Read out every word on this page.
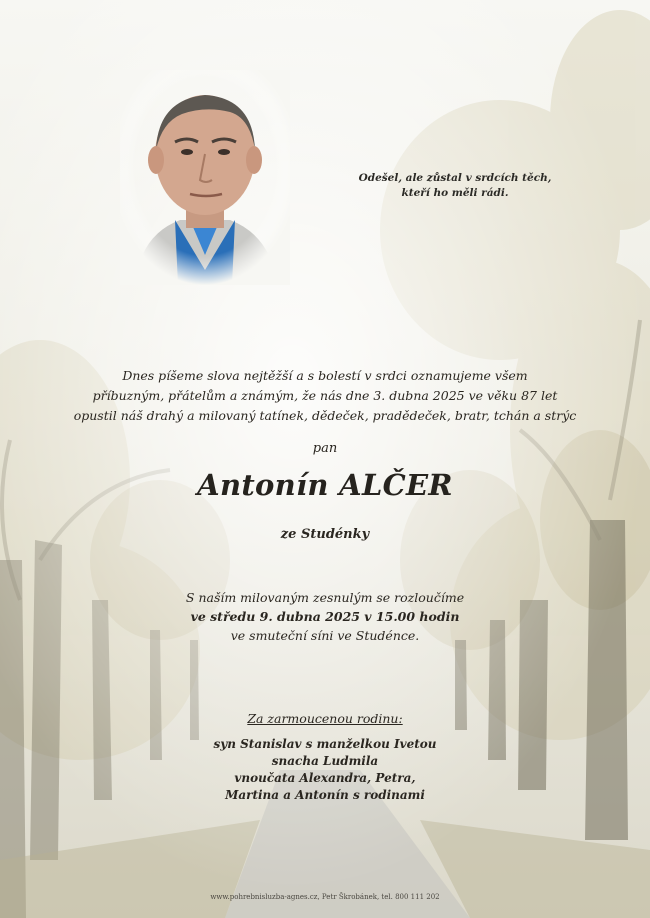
Odešel, ale zůstal v srdcích těch,
kteří ho měli rádi.
Dnes píšeme slova nejtěžší a s bolestí v srdci oznamujeme všem
příbuzným, přátelům a známým, že nás dne 3. dubna 2025 ve věku 87 let
opustil náš drahý a milovaný tatínek, dědeček, pradědeček, bratr, tchán a strýc
pan
Antonín ALČER
ze Studénky
S naším milovaným zesnulým se rozloučíme
ve středu 9. dubna 2025 v 15.00 hodin
ve smuteční síni ve Studénce.
Za zarmoucenou rodinu:
syn Stanislav s manželkou Ivetou
snacha Ludmila
vnoučata Alexandra, Petra,
Martina a Antonín s rodinami
www.pohrebnisluzba-agnes.cz, Petr Škrobánek, tel. 800 111 202
